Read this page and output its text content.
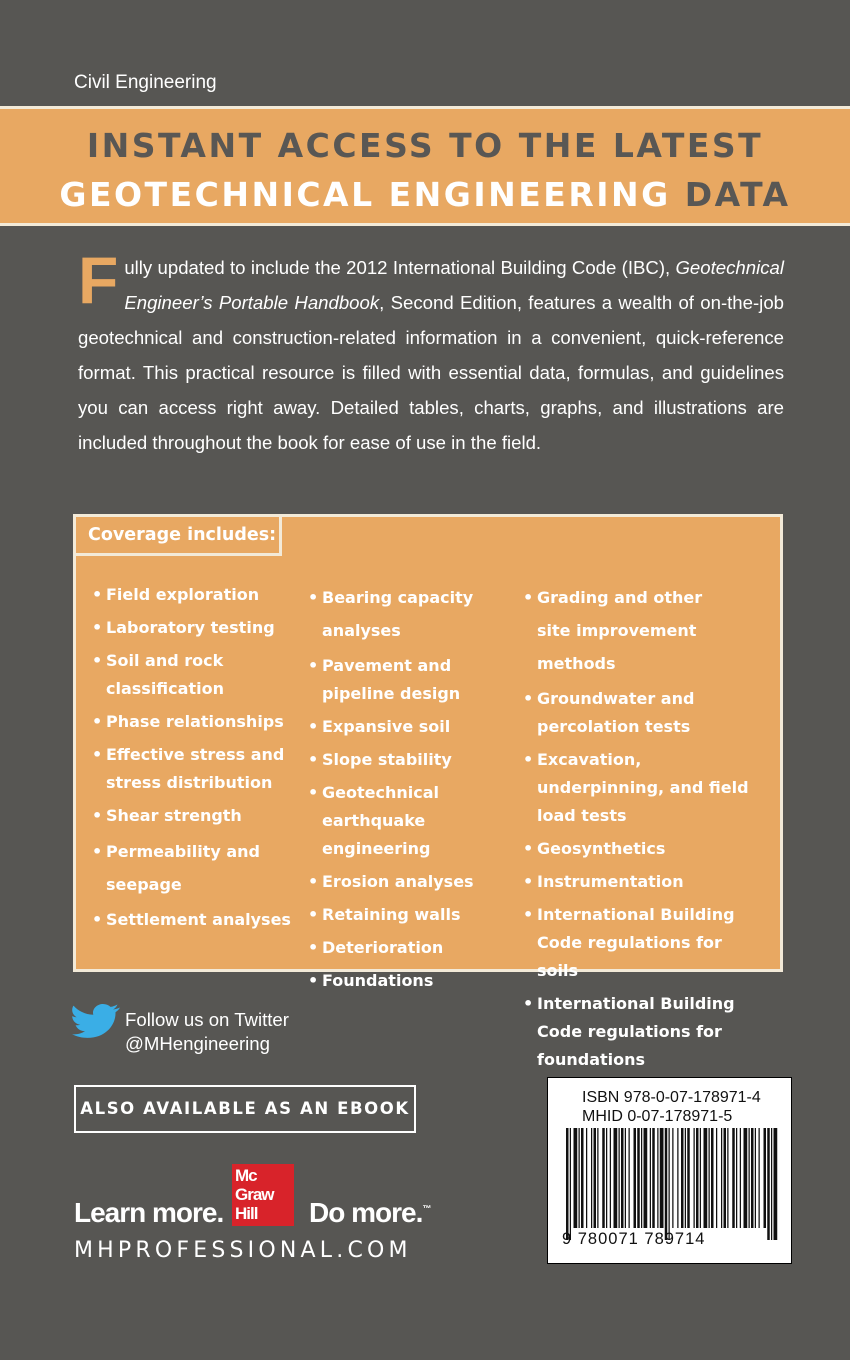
Civil Engineering
INSTANT ACCESS TO THE LATEST
GEOTECHNICAL ENGINEERING DATA
Fully updated to include the 2012 International Building Code (IBC), Geotechnical Engineer’s Portable Handbook, Second Edition, features a wealth of on-the-job geotechnical and construction-related information in a convenient, quick-reference format. This practical resource is filled with essential data, formulas, and guidelines you can access right away. Detailed tables, charts, graphs, and illustrations are included throughout the book for ease of use in the field.
Coverage includes:
• Field exploration
• Laboratory testing
• Soil and rock classification
• Phase relationships
• Effective stress and stress distribution
• Shear strength
• Permeability and seepage
• Settlement analyses
• Bearing capacity analyses
• Pavement and pipeline design
• Expansive soil
• Slope stability
• Geotechnical earthquake engineering
• Erosion analyses
• Retaining walls
• Deterioration
• Foundations
• Grading and other site improvement methods
• Groundwater and percolation tests
• Excavation, underpinning, and field load tests
• Geosynthetics
• Instrumentation
• International Building Code regulations for soils
• International Building Code regulations for foundations
Follow us on Twitter
@MHengineering
ALSO AVAILABLE AS AN EBOOK
Learn more.
Mc
Graw
Hill Do more.™
MHPROFESSIONAL.COM
ISBN 978-0-07-178971-4
MHID 0-07-178971-5
9 780071 789714
